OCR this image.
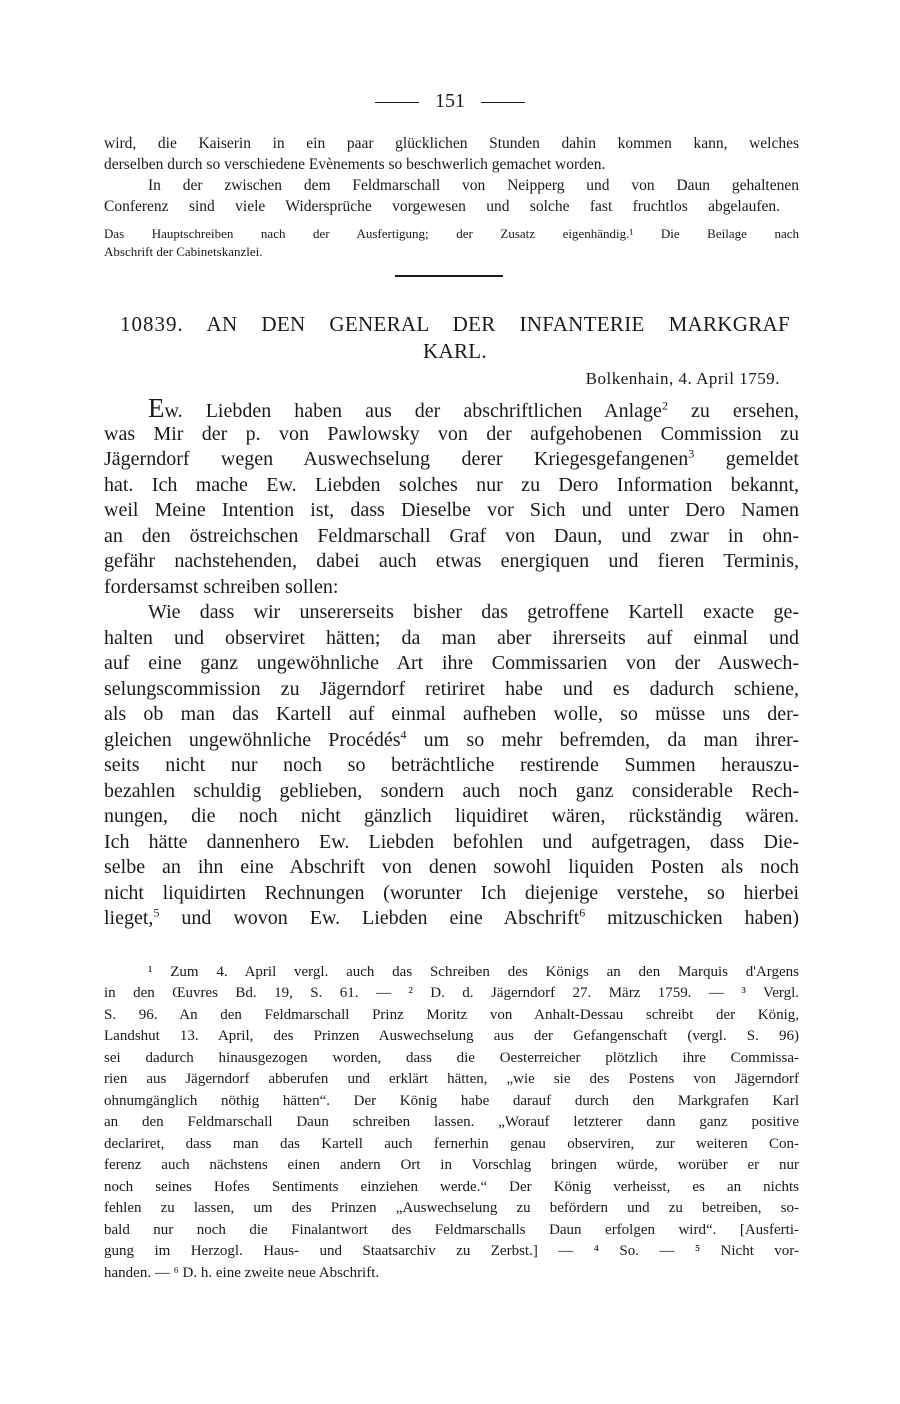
151

wird, die Kaiserin in ein paar glücklichen Stunden dahin kommen kann, welches

derselben durch so verschiedene Evènements so beschwerlich gemachet worden.

In der zwischen dem Feldmarschall von Neipperg und von Daun gehaltenen

Conferenz sind viele Widersprüche vorgewesen und solche fast fruchtlos abgelaufen.

Das Hauptschreiben nach der Ausfertigung; der Zusatz eigenhändig.¹ Die Beilage nach

Abschrift der Cabinetskanzlei.

10839. AN DEN GENERAL DER INFANTERIE MARKGRAF
KARL.
Bolkenhain, 4. April 1759.
Ew. Liebden haben aus der abschriftlichen Anlage$^2$ zu ersehen,

was Mir der p. von Pawlowsky von der aufgehobenen Commission zu

Jägerndorf wegen Auswechselung derer Kriegesgefangenen$^3$ gemeldet

hat. Ich mache Ew. Liebden solches nur zu Dero Information bekannt,

weil Meine Intention ist, dass Dieselbe vor Sich und unter Dero Namen

an den östreichschen Feldmarschall Graf von Daun, und zwar in ohn-

gefähr nachstehenden, dabei auch etwas energiquen und fieren Terminis,

fordersamst schreiben sollen:

Wie dass wir unsererseits bisher das getroffene Kartell exacte ge-

halten und observiret hätten; da man aber ihrerseits auf einmal und

auf eine ganz ungewöhnliche Art ihre Commissarien von der Auswech-

selungscommission zu Jägerndorf retiriret habe und es dadurch schiene,

als ob man das Kartell auf einmal aufheben wolle, so müsse uns der-

gleichen ungewöhnliche Procédés$^4$ um so mehr befremden, da man ihrer-

seits nicht nur noch so beträchtliche restirende Summen herauszu-

bezahlen schuldig geblieben, sondern auch noch ganz considerable Rech-

nungen, die noch nicht gänzlich liquidiret wären, rückständig wären.

Ich hätte dannenhero Ew. Liebden befohlen und aufgetragen, dass Die-

selbe an ihn eine Abschrift von denen sowohl liquiden Posten als noch

nicht liquidirten Rechnungen (worunter Ich diejenige verstehe, so hierbei

lieget,$^5$ und wovon Ew. Liebden eine Abschrift$^6$ mitzuschicken haben)

¹ Zum 4. April vergl. auch das Schreiben des Königs an den Marquis d'Argens

in den Œuvres Bd. 19, S. 61. — ² D. d. Jägerndorf 27. März 1759. — ³ Vergl.

S. 96. An den Feldmarschall Prinz Moritz von Anhalt-Dessau schreibt der König,

Landshut 13. April, des Prinzen Auswechselung aus der Gefangenschaft (vergl. S. 96)

sei dadurch hinausgezogen worden, dass die Oesterreicher plötzlich ihre Commissa-

rien aus Jägerndorf abberufen und erklärt hätten, „wie sie des Postens von Jägerndorf

ohnumgänglich nöthig hätten“. Der König habe darauf durch den Markgrafen Karl

an den Feldmarschall Daun schreiben lassen. „Worauf letzterer dann ganz positive

declariret, dass man das Kartell auch fernerhin genau observiren, zur weiteren Con-

ferenz auch nächstens einen andern Ort in Vorschlag bringen würde, worüber er nur

noch seines Hofes Sentiments einziehen werde.“ Der König verheisst, es an nichts

fehlen zu lassen, um des Prinzen „Auswechselung zu befördern und zu betreiben, so-

bald nur noch die Finalantwort des Feldmarschalls Daun erfolgen wird“. [Ausferti-

gung im Herzogl. Haus- und Staatsarchiv zu Zerbst.] — ⁴ So. — ⁵ Nicht vor-

handen. — ⁶ D. h. eine zweite neue Abschrift.
